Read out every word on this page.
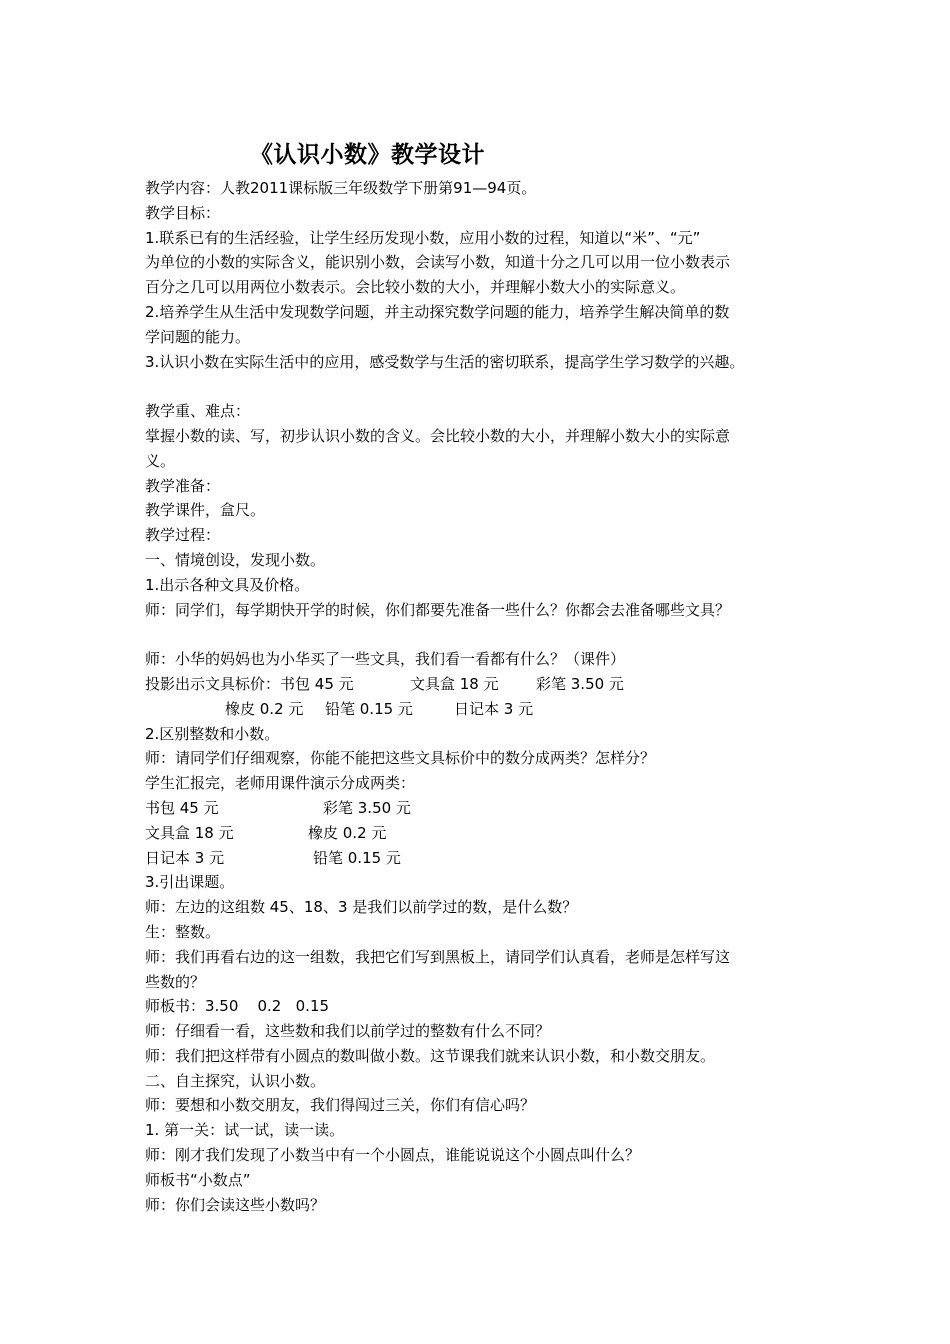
《认识小数》教学设计
教学内容：人教2011课标版三年级数学下册第91—94页。
教学目标：
1.联系已有的生活经验，让学生经历发现小数，应用小数的过程，知道以“米”、“元”
为单位的小数的实际含义，能识别小数，会读写小数，知道十分之几可以用一位小数表示
百分之几可以用两位小数表示。会比较小数的大小，并理解小数大小的实际意义。
2.培养学生从生活中发现数学问题，并主动探究数学问题的能力，培养学生解决简单的数
学问题的能力。
3.认识小数在实际生活中的应用，感受数学与生活的密切联系，提高学生学习数学的兴趣。
教学重、难点：
掌握小数的读、写，初步认识小数的含义。会比较小数的大小，并理解小数大小的实际意
义。
教学准备：
教学课件，盒尺。
教学过程：
一、情境创设，发现小数。
1.出示各种文具及价格。
师：同学们，每学期快开学的时候，你们都要先准备一些什么？你都会去准备哪些文具？
师：小华的妈妈也为小华买了一些文具，我们看一看都有什么？（课件）
投影出示文具标价：书包 45 元	文具盒 18 元 彩笔 3.50 元
橡皮 0.2 元 铅笔 0.15 元	日记本 3 元
2.区别整数和小数。
师：请同学们仔细观察，你能不能把这些文具标价中的数分成两类？怎样分？
学生汇报完，老师用课件演示分成两类：
书包 45 元	彩笔 3.50 元
文具盒 18 元	橡皮 0.2 元
日记本 3 元	铅笔 0.15 元
3.引出课题。
师：左边的这组数 45、18、3 是我们以前学过的数，是什么数？
生：整数。
师：我们再看右边的这一组数，我把它们写到黑板上，请同学们认真看，老师是怎样写这
些数的？
师板书：3.50    0.2   0.15
师：仔细看一看，这些数和我们以前学过的整数有什么不同？
师：我们把这样带有小圆点的数叫做小数。这节课我们就来认识小数，和小数交朋友。
二、自主探究，认识小数。
师：要想和小数交朋友，我们得闯过三关，你们有信心吗？
1. 第一关：试一试，读一读。
师：刚才我们发现了小数当中有一个小圆点，谁能说说这个小圆点叫什么？
师板书“小数点”
师：你们会读这些小数吗？
